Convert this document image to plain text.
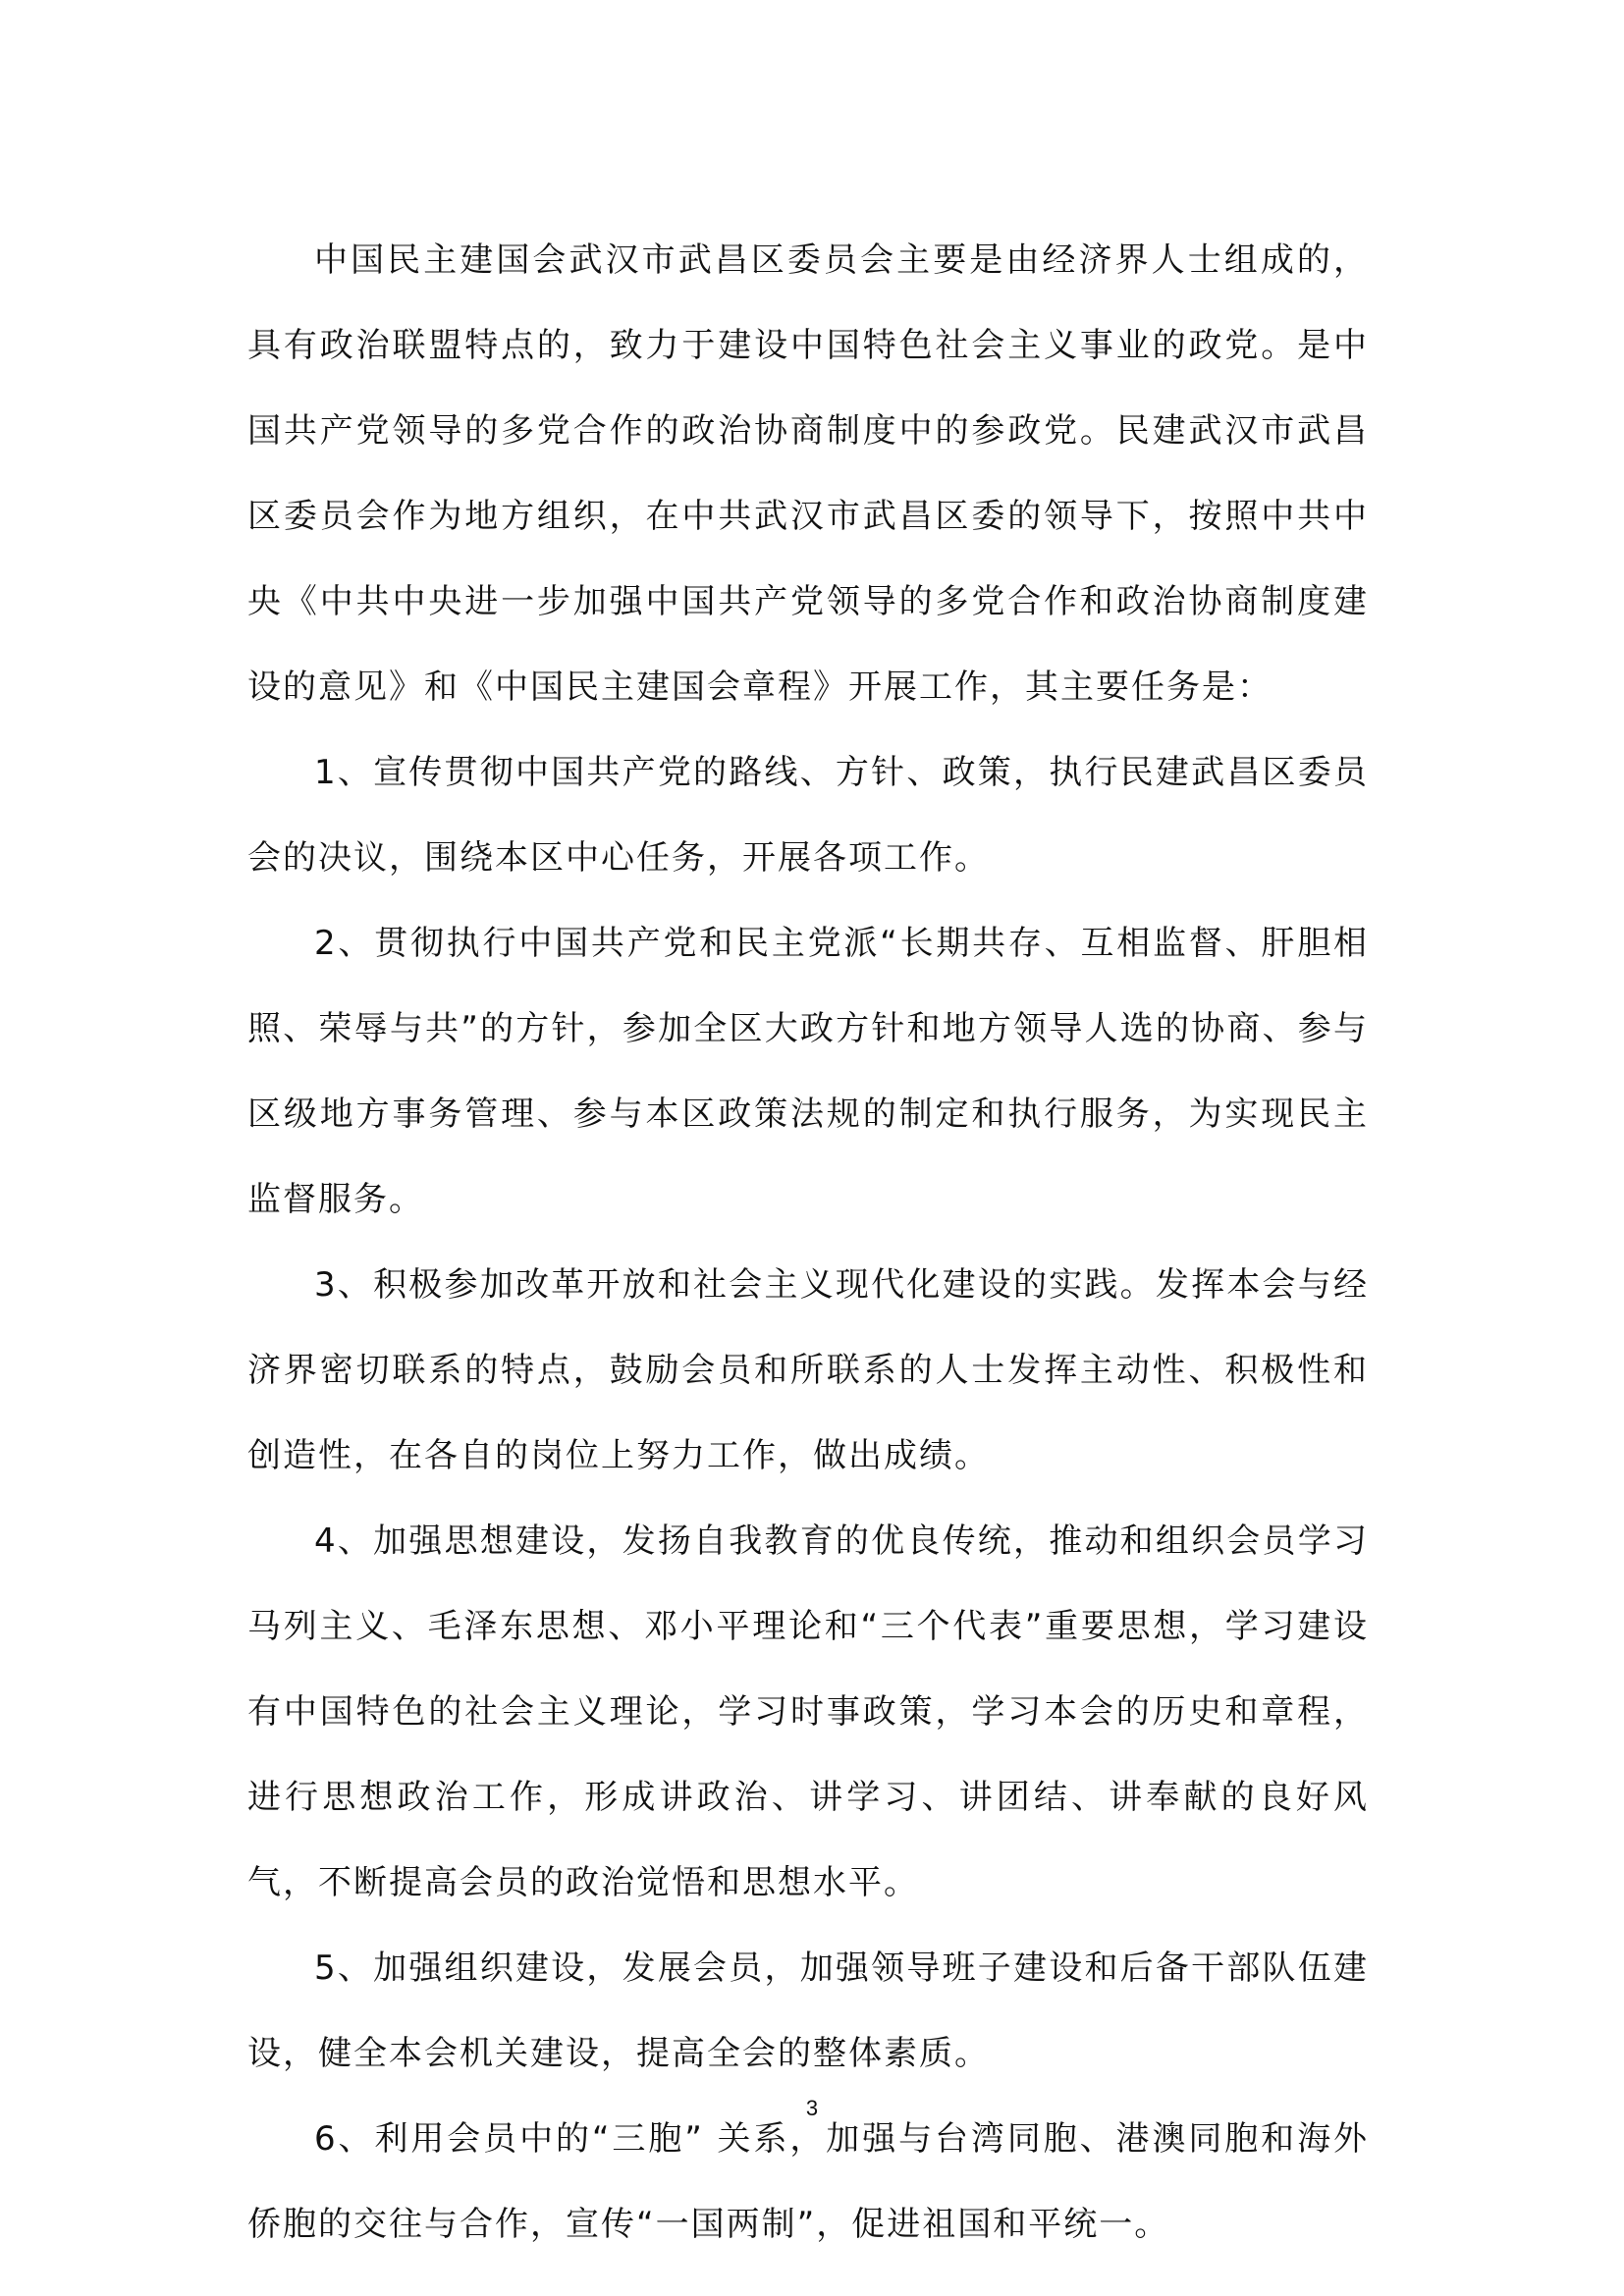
中国民主建国会武汉市武昌区委员会主要是由经济界人士组成的，具有政治联盟特点的，致力于建设中国特色社会主义事业的政党。是中国共产党领导的多党合作的政治协商制度中的参政党。民建武汉市武昌区委员会作为地方组织，在中共武汉市武昌区委的领导下，按照中共中央《中共中央进一步加强中国共产党领导的多党合作和政治协商制度建设的意见》和《中国民主建国会章程》开展工作，其主要任务是：

1、宣传贯彻中国共产党的路线、方针、政策，执行民建武昌区委员会的决议，围绕本区中心任务，开展各项工作。

2、贯彻执行中国共产党和民主党派“长期共存、互相监督、肝胆相照、荣辱与共”的方针，参加全区大政方针和地方领导人选的协商、参与区级地方事务管理、参与本区政策法规的制定和执行服务，为实现民主监督服务。

3、积极参加改革开放和社会主义现代化建设的实践。发挥本会与经济界密切联系的特点，鼓励会员和所联系的人士发挥主动性、积极性和创造性，在各自的岗位上努力工作，做出成绩。

4、加强思想建设，发扬自我教育的优良传统，推动和组织会员学习马列主义、毛泽东思想、邓小平理论和“三个代表”重要思想，学习建设有中国特色的社会主义理论，学习时事政策，学习本会的历史和章程，进行思想政治工作，形成讲政治、讲学习、讲团结、讲奉献的良好风气，不断提高会员的政治觉悟和思想水平。

5、加强组织建设，发展会员，加强领导班子建设和后备干部队伍建设，健全本会机关建设，提高全会的整体素质。

6、利用会员中的“三胞” 关系，加强与台湾同胞、港澳同胞和海外侨胞的交往与合作，宣传“一国两制”，促进祖国和平统一。

3
